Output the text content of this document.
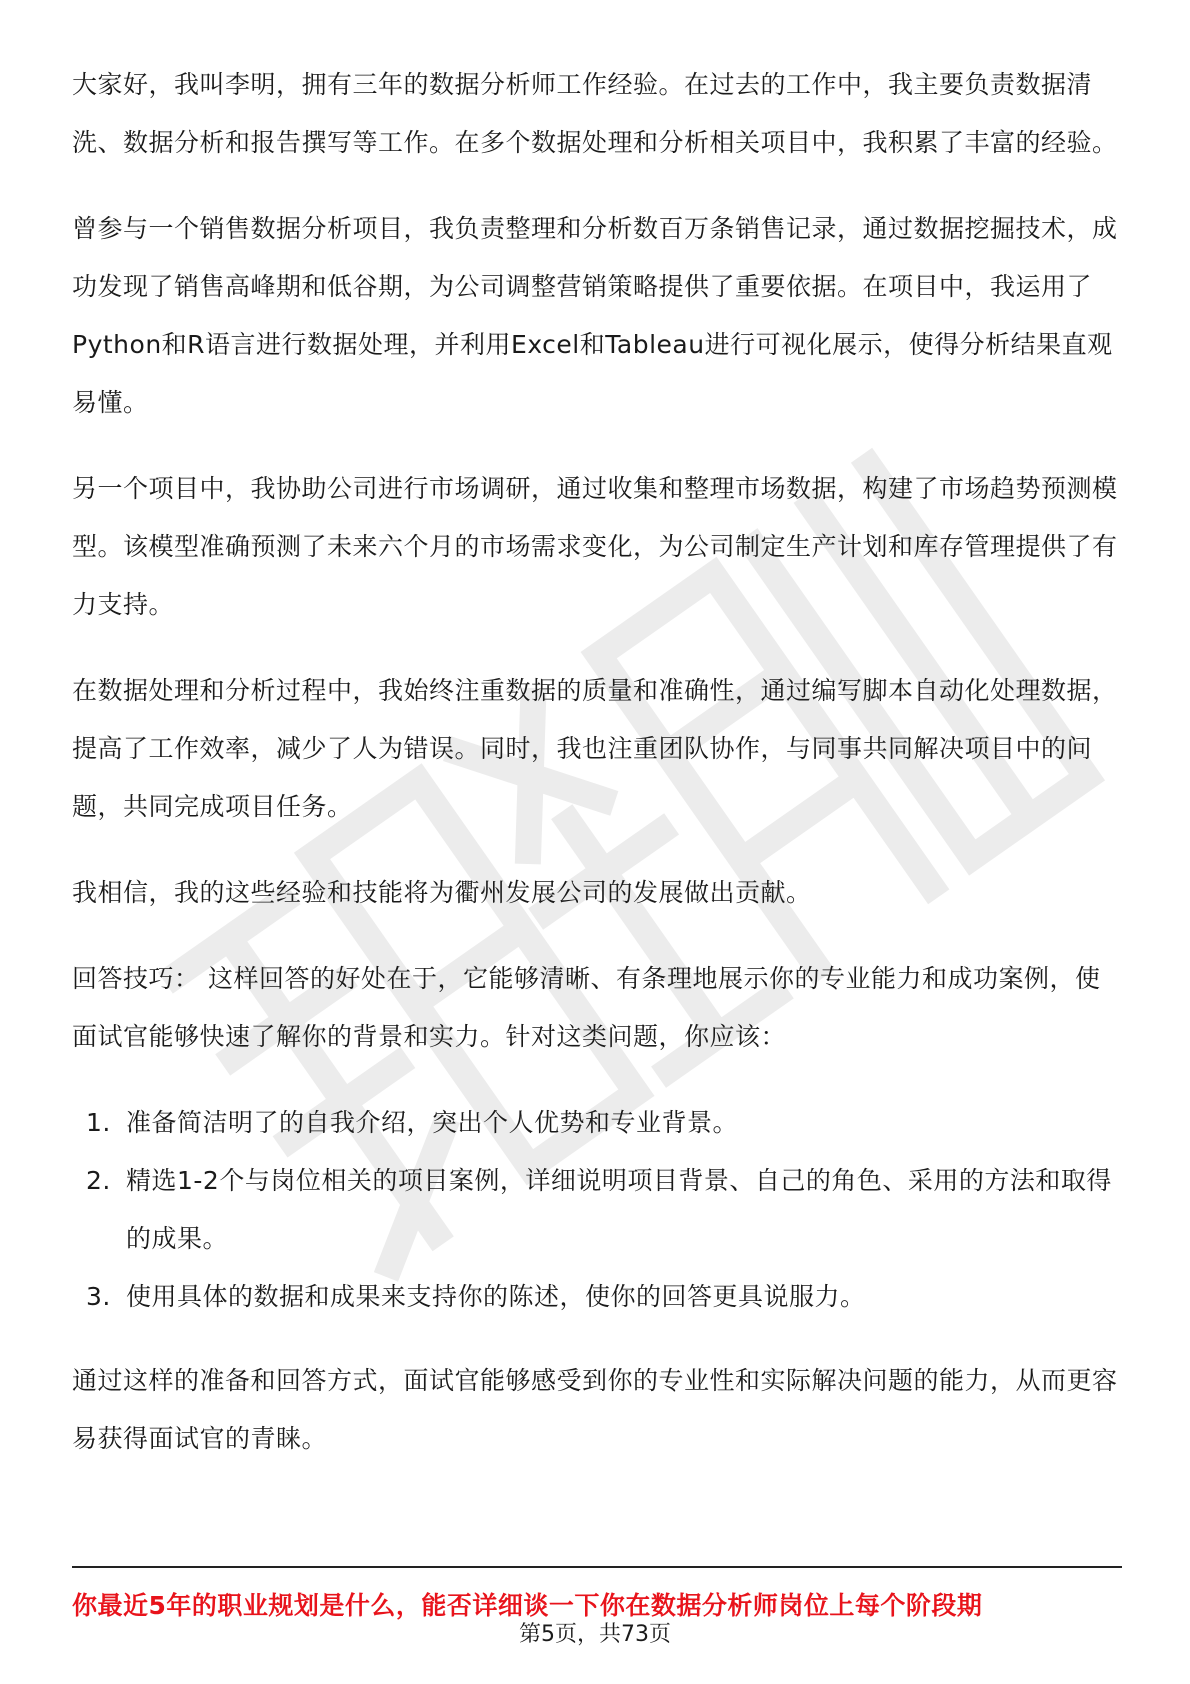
大家好，我叫李明，拥有三年的数据分析师工作经验。在过去的工作中，我主要负责数据清洗、数据分析和报告撰写等工作。在多个数据处理和分析相关项目中，我积累了丰富的经验。

曾参与一个销售数据分析项目，我负责整理和分析数百万条销售记录，通过数据挖掘技术，成功发现了销售高峰期和低谷期，为公司调整营销策略提供了重要依据。在项目中，我运用了Python和R语言进行数据处理，并利用Excel和Tableau进行可视化展示，使得分析结果直观易懂。

另一个项目中，我协助公司进行市场调研，通过收集和整理市场数据，构建了市场趋势预测模型。该模型准确预测了未来六个月的市场需求变化，为公司制定生产计划和库存管理提供了有力支持。

在数据处理和分析过程中，我始终注重数据的质量和准确性，通过编写脚本自动化处理数据，提高了工作效率，减少了人为错误。同时，我也注重团队协作，与同事共同解决项目中的问题，共同完成项目任务。

我相信，我的这些经验和技能将为衢州发展公司的发展做出贡献。

回答技巧： 这样回答的好处在于，它能够清晰、有条理地展示你的专业能力和成功案例，使面试官能够快速了解你的背景和实力。针对这类问题，你应该：

1. 准备简洁明了的自我介绍，突出个人优势和专业背景。
2. 精选1-2个与岗位相关的项目案例，详细说明项目背景、自己的角色、采用的方法和取得的成果。
3. 使用具体的数据和成果来支持你的陈述，使你的回答更具说服力。

通过这样的准备和回答方式，面试官能够感受到你的专业性和实际解决问题的能力，从而更容易获得面试官的青睐。

你最近5年的职业规划是什么，能否详细谈一下你在数据分析师岗位上每个阶段期
第5页，共73页
